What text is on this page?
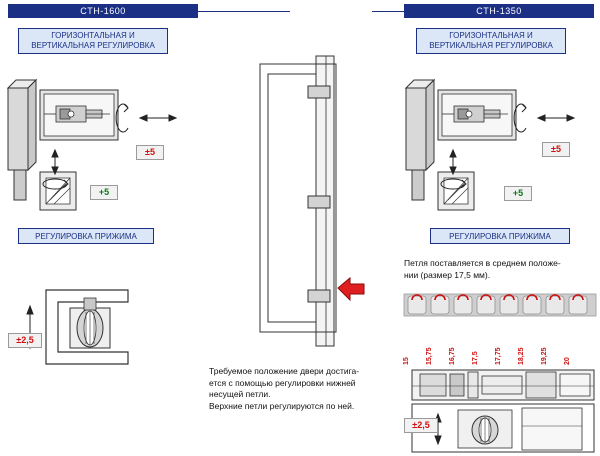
CTH-1600
ГОРИЗОНТАЛЬНАЯ И
ВЕРТИКАЛЬНАЯ РЕГУЛИРОВКА
±5
+5
РЕГУЛИРОВКА ПРИЖИМА
±2,5
Требуемое положение двери достига-
ется с помощью регулировки нижней
несущей петли.
Верхние петли регулируются по ней.
CTH-1350
ГОРИЗОНТАЛЬНАЯ И
ВЕРТИКАЛЬНАЯ РЕГУЛИРОВКА
±5
+5
РЕГУЛИРОВКА ПРИЖИМА
Петля поставляется в среднем положе-
нии (размер 17,5 мм).
15 15,75 16,75 17,5 17,75 18,25 19,25 20
±2,5
